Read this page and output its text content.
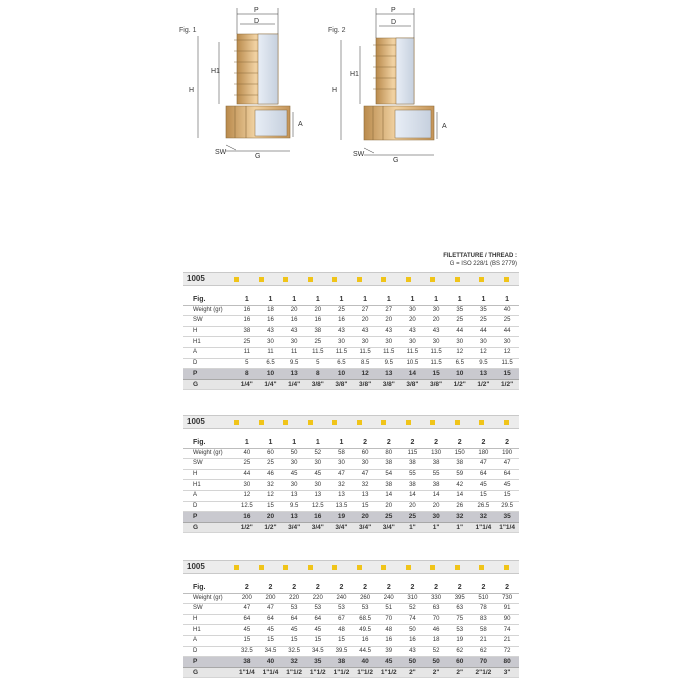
Fig. 1
P
D
H1
H
A
G
SW
Fig. 2
P
D
H1
H
A
G
SW
FILETTATURE / THREAD :
G = ISO 228/1 (BS 2779)
1005
Fig.	1	1	1	1	1	1	1	1	1	1	1	1
Weight (gr)	16	18	20	20	25	27	27	30	30	35	35	40
SW	16	16	16	16	16	20	20	20	20	25	25	25
H	38	43	43	38	43	43	43	43	43	44	44	44
H1	25	30	30	25	30	30	30	30	30	30	30	30
A	11	11	11	11.5	11.5	11.5	11.5	11.5	11.5	12	12	12
D	5	6.5	9.5	5	6.5	8.5	9.5	10.5	11.5	6.5	9.5	11.5
P	8	10	13	8	10	12	13	14	15	10	13	15
G	1/4"	1/4"	1/4"	3/8"	3/8"	3/8"	3/8"	3/8"	3/8"	1/2"	1/2"	1/2"
1005
Fig.	1	1	1	1	1	2	2	2	2	2	2	2
Weight (gr)	40	60	50	52	58	60	80	115	130	150	180	190
SW	25	25	30	30	30	30	38	38	38	38	47	47
H	44	46	45	45	47	47	54	55	55	59	64	64
H1	30	32	30	30	32	32	38	38	38	42	45	45
A	12	12	13	13	13	13	14	14	14	14	15	15
D	12.5	15	9.5	12.5	13.5	15	20	20	20	26	26.5	29.5
P	16	20	13	16	19	20	25	25	30	32	32	35
G	1/2"	1/2"	3/4"	3/4"	3/4"	3/4"	3/4"	1"	1"	1"	1"1/4	1"1/4
1005
Fig.	2	2	2	2	2	2	2	2	2	2	2	2
Weight (gr)	200	200	220	220	240	260	240	310	330	395	510	730
SW	47	47	53	53	53	53	51	52	63	63	78	91
H	64	64	64	64	67	68.5	70	74	70	75	83	90
H1	45	45	45	45	48	49.5	48	50	46	53	58	74
A	15	15	15	15	15	16	16	16	18	19	21	21
D	32.5	34.5	32.5	34.5	39.5	44.5	39	43	52	62	62	72
P	38	40	32	35	38	40	45	50	50	60	70	80
G	1"1/4	1"1/4	1"1/2	1"1/2	1"1/2	1"1/2	1"1/2	2"	2"	2"	2"1/2	3"
